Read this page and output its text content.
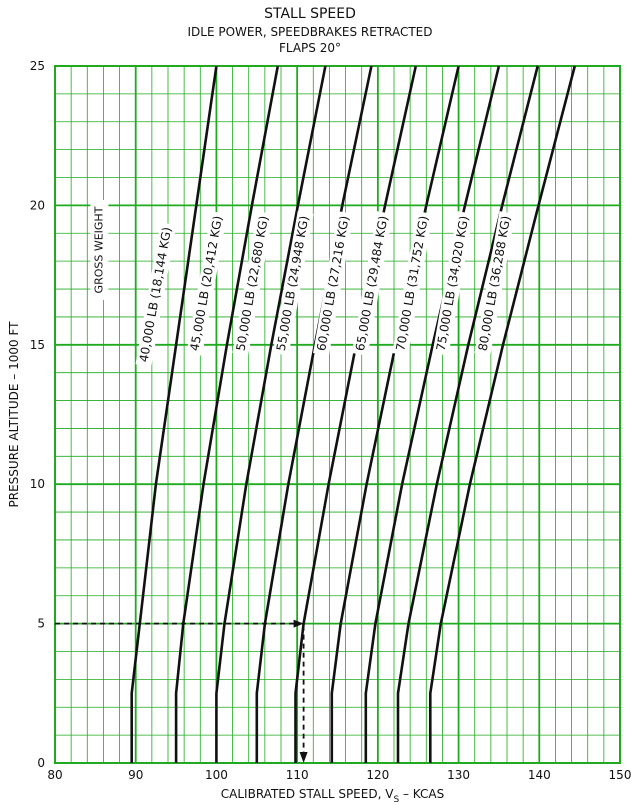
STALL SPEED
IDLE POWER, SPEEDBRAKES RETRACTED
FLAPS 20°
80	90	100	110	120	130	140	150
0
5
10
15
20
25
CALIBRATED STALL SPEED, $V_S$ – KCAS
PRESSURE ALTITUDE – 1000 FT
GROSS WEIGHT	40,000 LB (18,144 KG) 45,000 LB (20,412 KG) 50,000 LB (22,680 KG) 55,000 LB (24,948 KG) 60,000 LB (27,216 KG) 65,000 LB (29,484 KG) 70,000 LB (31,752 KG) 75,000 LB (34,020 KG) 80,000 LB (36,288 KG)
